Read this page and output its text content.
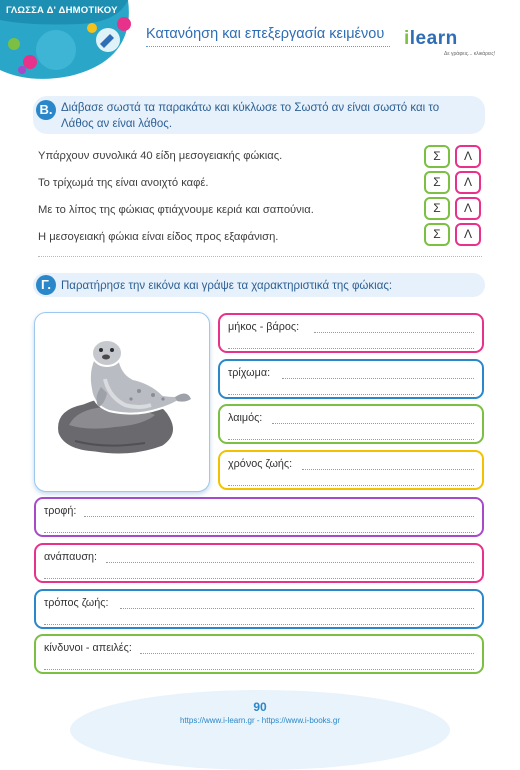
ΓΛΩΣΣΑ Δ' ΔΗΜΟΤΙΚΟΥ
Κατανόηση και επεξεργασία κειμένου ilearn
Δε γράφεις... κλικάρεις!
Β. Διάβασε σωστά τα παρακάτω και κύκλωσε το Σωστό αν είναι σωστό και το
Λάθος αν είναι λάθος.
Υπάρχουν συνολικά 40 είδη μεσογειακής φώκιας.	Σ	Λ
Το τρίχωμά της είναι ανοιχτό καφέ.	Σ	Λ
Με το λίπος της φώκιας φτιάχνουμε κεριά και σαπούνια.	Σ	Λ
Η μεσογειακή φώκια είναι είδος προς εξαφάνιση.	Σ	Λ
Γ. Παρατήρησε την εικόνα και γράψε τα χαρακτηριστικά της φώκιας:
μήκος - βάρος:
τρίχωμα:
λαιμός:
χρόνος ζωής:
τροφή:
ανάπαυση:
τρόπος ζωής:
κίνδυνοι - απειλές:
90
https://www.i-learn.gr - https://www.i-books.gr
